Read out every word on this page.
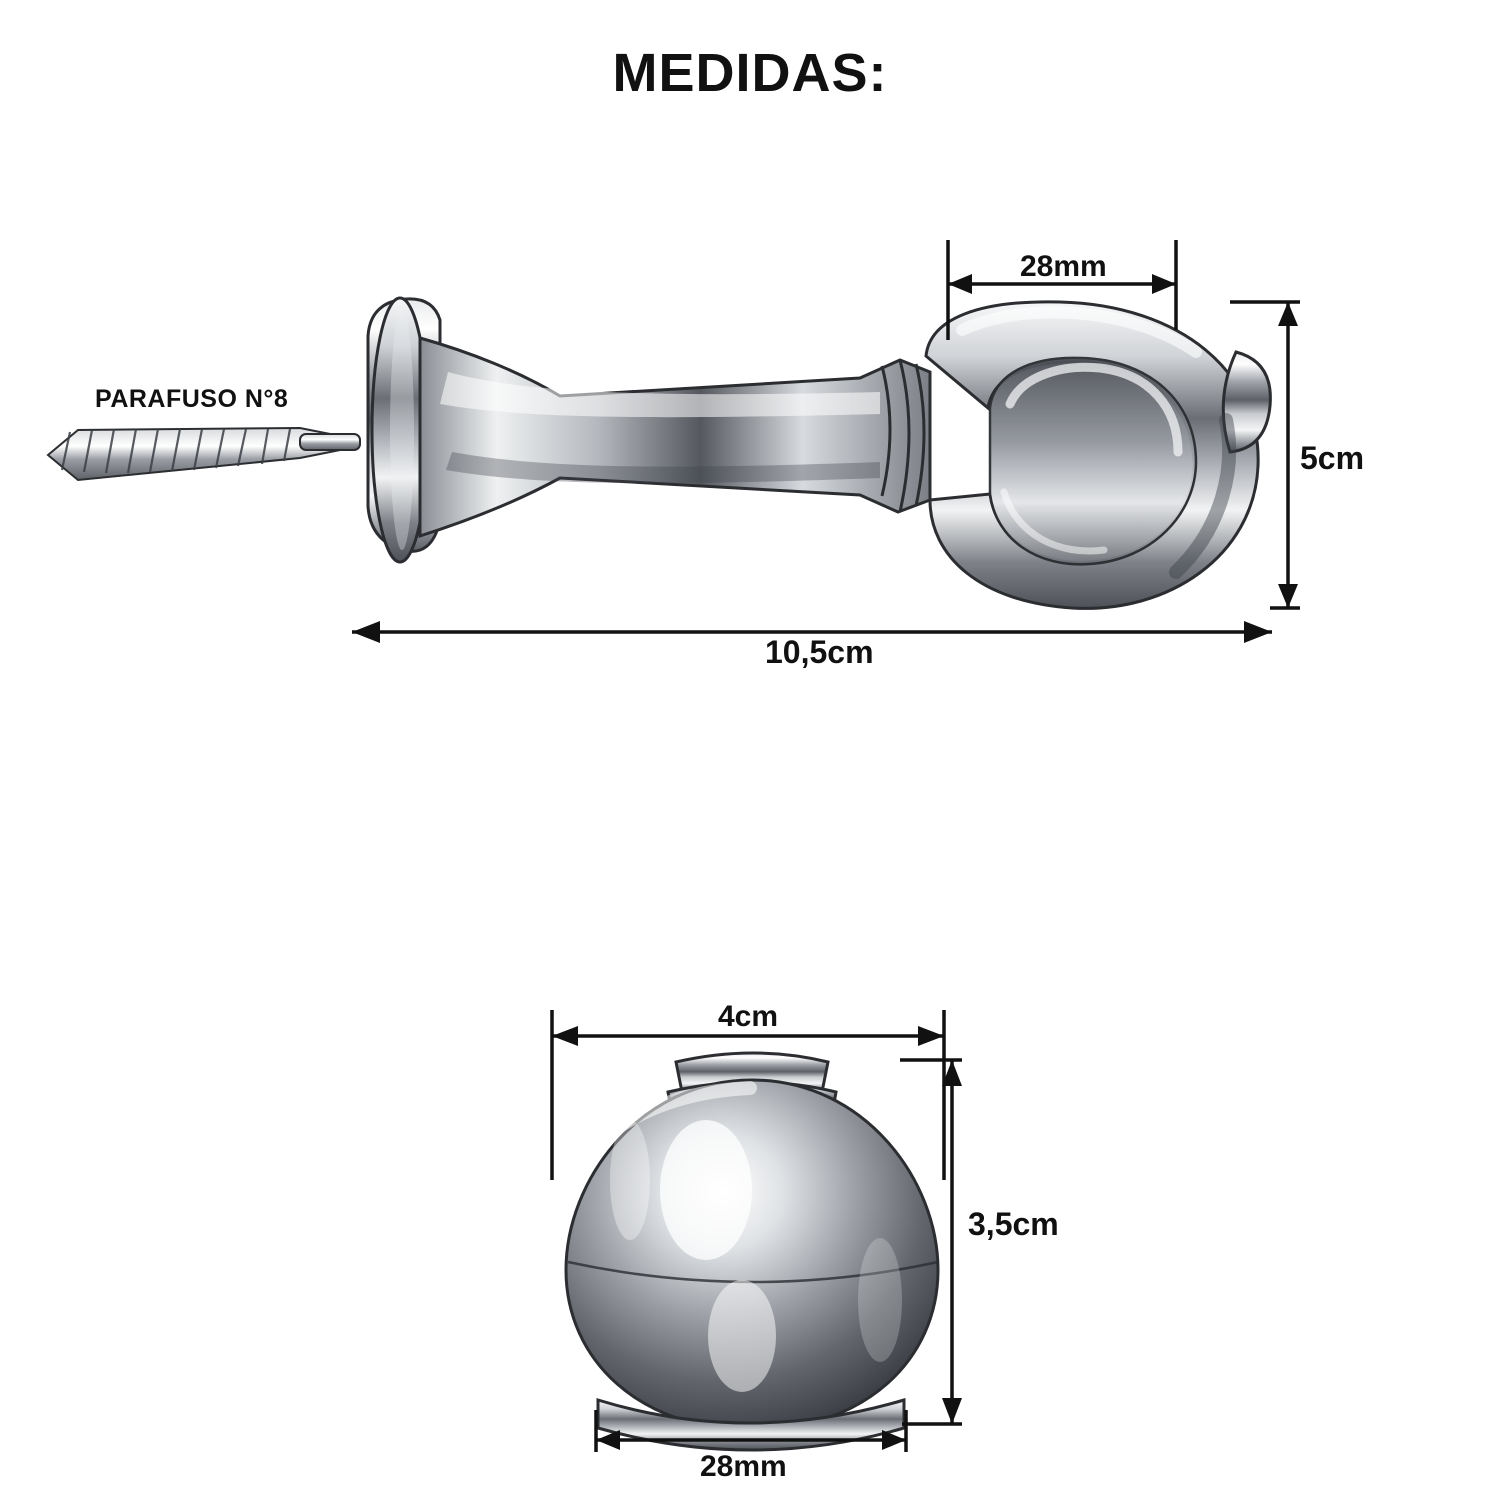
MEDIDAS:
PARAFUSO N°8
28mm
5cm
10,5cm
4cm
3,5cm
28mm
